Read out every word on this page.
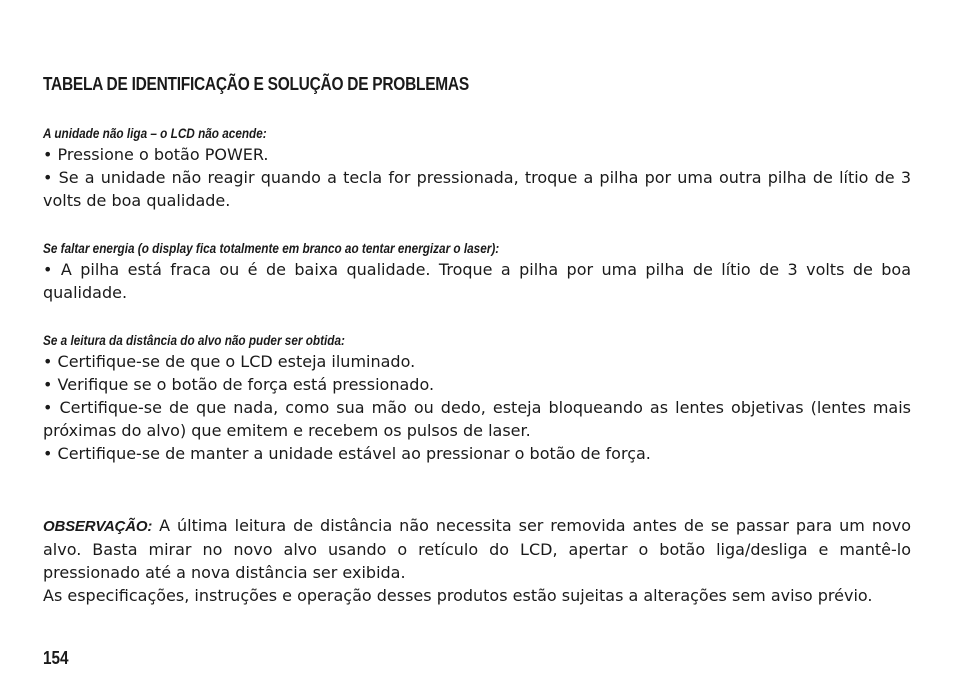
TABELA DE IDENTIFICAÇÃO E SOLUÇÃO DE PROBLEMAS
A unidade não liga – o LCD não acende:

• Pressione o botão POWER.

• Se a unidade não reagir quando a tecla for pressionada, troque a pilha por uma outra pilha de lítio de 3 volts de boa qualidade.

Se faltar energia (o display fica totalmente em branco ao tentar energizar o laser):

• A pilha está fraca ou é de baixa qualidade. Troque a pilha por uma pilha de lítio de 3 volts de boa qualidade.

Se a leitura da distância do alvo não puder ser obtida:

• Certifique-se de que o LCD esteja iluminado.

• Verifique se o botão de força está pressionado.

• Certifique-se de que nada, como sua mão ou dedo, esteja bloqueando as lentes objetivas (lentes mais próximas do alvo) que emitem e recebem os pulsos de laser.

• Certifique-se de manter a unidade estável ao pressionar o botão de força.

OBSERVAÇÃO: A última leitura de distância não necessita ser removida antes de se passar para um novo alvo. Basta mirar no novo alvo usando o retículo do LCD, apertar o botão liga/desliga e mantê-lo pressionado até a nova distância ser exibida.

As especificações, instruções e operação desses produtos estão sujeitas a alterações sem aviso prévio.

154
